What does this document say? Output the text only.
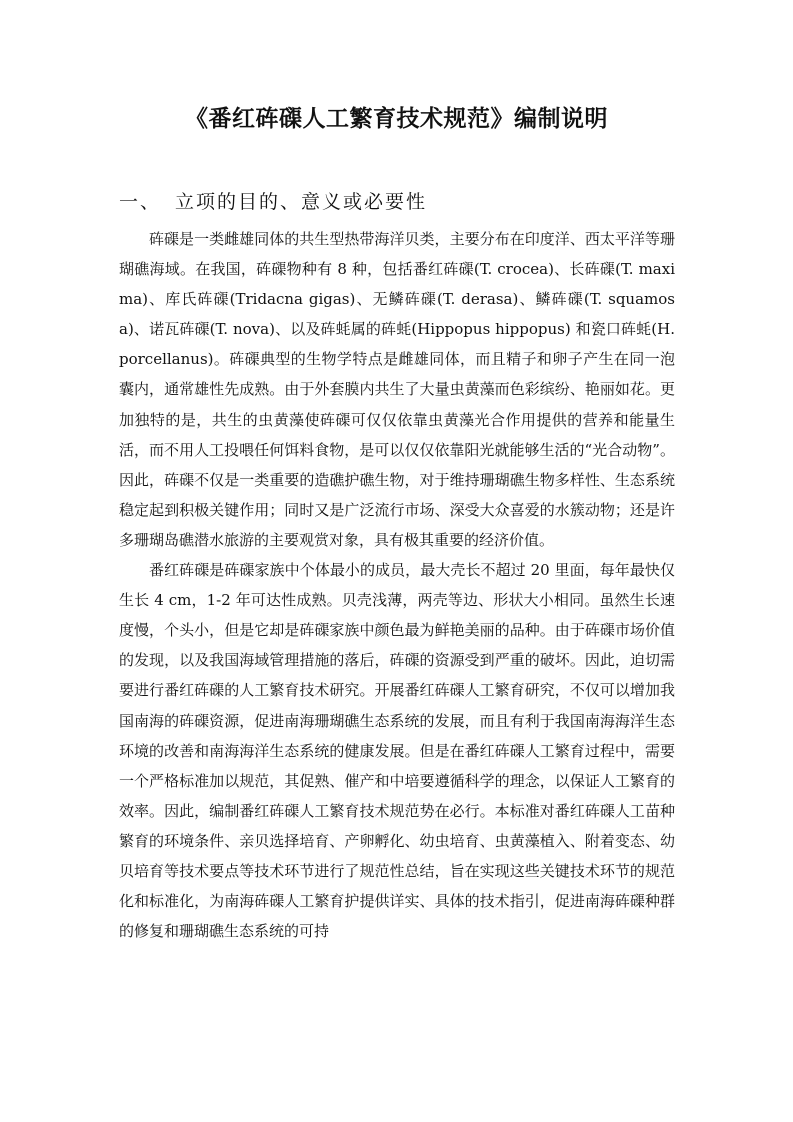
《番红砗磲人工繁育技术规范》编制说明
一、 立项的目的、意义或必要性

砗磲是一类雌雄同体的共生型热带海洋贝类，主要分布在印度洋、西太平洋等珊瑚礁海域。在我国，砗磲物种有 8 种，包括番红砗磲(T. crocea)、长砗磲(T. maxima)、库氏砗磲(Tridacna gigas)、无鳞砗磲(T. derasa)、鳞砗磲(T. squamosa)、诺瓦砗磲(T. nova)、以及砗蚝属的砗蚝(Hippopus hippopus) 和瓷口砗蚝(H. porcellanus)。砗磲典型的生物学特点是雌雄同体，而且精子和卵子产生在同一泡囊内，通常雄性先成熟。由于外套膜内共生了大量虫黄藻而色彩缤纷、艳丽如花。更加独特的是，共生的虫黄藻使砗磲可仅仅依靠虫黄藻光合作用提供的营养和能量生活，而不用人工投喂任何饵料食物，是可以仅仅依靠阳光就能够生活的“光合动物”。因此，砗磲不仅是一类重要的造礁护礁生物，对于维持珊瑚礁生物多样性、生态系统稳定起到积极关键作用；同时又是广泛流行市场、深受大众喜爱的水簇动物；还是许多珊瑚岛礁潜水旅游的主要观赏对象，具有极其重要的经济价值。

番红砗磲是砗磲家族中个体最小的成员，最大壳长不超过 20 里面，每年最快仅生长 4 cm，1-2 年可达性成熟。贝壳浅薄，两壳等边、形状大小相同。虽然生长速度慢，个头小，但是它却是砗磲家族中颜色最为鲜艳美丽的品种。由于砗磲市场价值的发现，以及我国海域管理措施的落后，砗磲的资源受到严重的破坏。因此，迫切需要进行番红砗磲的人工繁育技术研究。开展番红砗磲人工繁育研究，不仅可以增加我国南海的砗磲资源，促进南海珊瑚礁生态系统的发展，而且有利于我国南海海洋生态环境的改善和南海海洋生态系统的健康发展。但是在番红砗磲人工繁育过程中，需要一个严格标准加以规范，其促熟、催产和中培要遵循科学的理念，以保证人工繁育的效率。因此，编制番红砗磲人工繁育技术规范势在必行。本标准对番红砗磲人工苗种繁育的环境条件、亲贝选择培育、产卵孵化、幼虫培育、虫黄藻植入、附着变态、幼贝培育等技术要点等技术环节进行了规范性总结，旨在实现这些关键技术环节的规范化和标准化，为南海砗磲人工繁育护提供详实、具体的技术指引，促进南海砗磲种群的修复和珊瑚礁生态系统的可持
